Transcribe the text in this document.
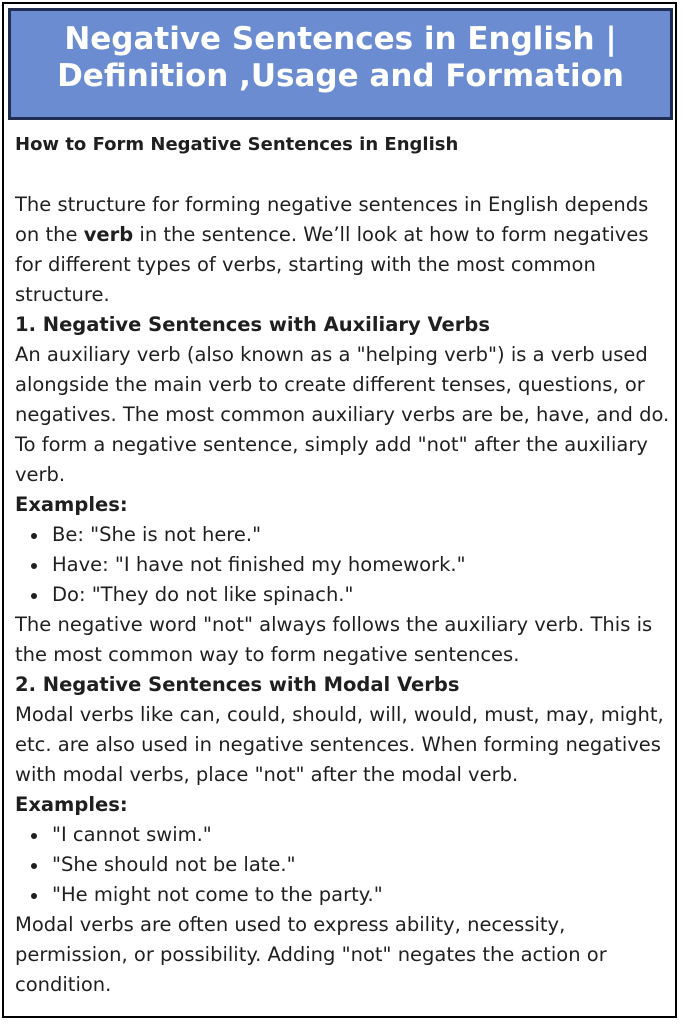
Negative Sentences in English |
Definition ,Usage and Formation

How to Form Negative Sentences in English

The structure for forming negative sentences in English depends on the verb in the sentence. We’ll look at how to form negatives for different types of verbs, starting with the most common structure.

1. Negative Sentences with Auxiliary Verbs

An auxiliary verb (also known as a "helping verb") is a verb used alongside the main verb to create different tenses, questions, or negatives. The most common auxiliary verbs are be, have, and do. To form a negative sentence, simply add "not" after the auxiliary verb.

Examples:

Be: "She is not here."
Have: "I have not finished my homework."
Do: "They do not like spinach."

The negative word "not" always follows the auxiliary verb. This is the most common way to form negative sentences.

2. Negative Sentences with Modal Verbs

Modal verbs like can, could, should, will, would, must, may, might, etc. are also used in negative sentences. When forming negatives with modal verbs, place "not" after the modal verb.

Examples:

"I cannot swim."
"She should not be late."
"He might not come to the party."

Modal verbs are often used to express ability, necessity, permission, or possibility. Adding "not" negates the action or condition.
